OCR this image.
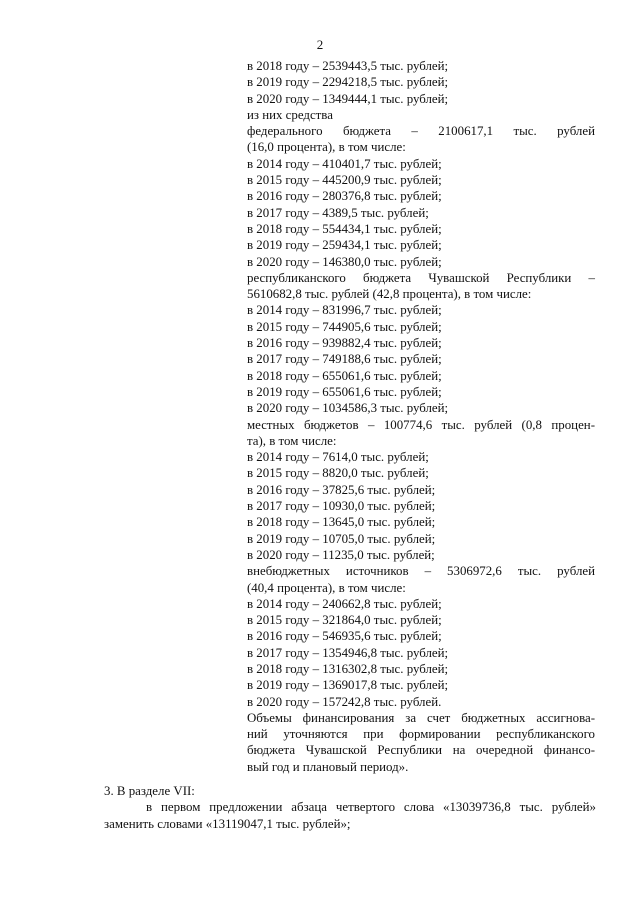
2
в 2018 году – 2539443,5 тыс. рублей;
в 2019 году – 2294218,5 тыс. рублей;
в 2020 году – 1349444,1 тыс. рублей;
из них средства
федерального бюджета – 2100617,1 тыс. рублей
(16,0 процента), в том числе:
в 2014 году – 410401,7 тыс. рублей;
в 2015 году – 445200,9 тыс. рублей;
в 2016 году – 280376,8 тыс. рублей;
в 2017 году – 4389,5 тыс. рублей;
в 2018 году – 554434,1 тыс. рублей;
в 2019 году – 259434,1 тыс. рублей;
в 2020 году – 146380,0 тыс. рублей;
республиканского бюджета Чувашской Республики –
5610682,8 тыс. рублей (42,8 процента), в том числе:
в 2014 году – 831996,7 тыс. рублей;
в 2015 году – 744905,6 тыс. рублей;
в 2016 году – 939882,4 тыс. рублей;
в 2017 году – 749188,6 тыс. рублей;
в 2018 году – 655061,6 тыс. рублей;
в 2019 году – 655061,6 тыс. рублей;
в 2020 году – 1034586,3 тыс. рублей;
местных бюджетов – 100774,6 тыс. рублей (0,8 процен-
та), в том числе:
в 2014 году – 7614,0 тыс. рублей;
в 2015 году – 8820,0 тыс. рублей;
в 2016 году – 37825,6 тыс. рублей;
в 2017 году – 10930,0 тыс. рублей;
в 2018 году – 13645,0 тыс. рублей;
в 2019 году – 10705,0 тыс. рублей;
в 2020 году – 11235,0 тыс. рублей;
внебюджетных источников – 5306972,6 тыс. рублей
(40,4 процента), в том числе:
в 2014 году – 240662,8 тыс. рублей;
в 2015 году – 321864,0 тыс. рублей;
в 2016 году – 546935,6 тыс. рублей;
в 2017 году – 1354946,8 тыс. рублей;
в 2018 году – 1316302,8 тыс. рублей;
в 2019 году – 1369017,8 тыс. рублей;
в 2020 году – 157242,8 тыс. рублей.
Объемы финансирования за счет бюджетных ассигнова-
ний уточняются при формировании республиканского
бюджета Чувашской Республики на очередной финансо-
вый год и плановый период».
3. В разделе VII:
в первом предложении абзаца четвертого слова «13039736,8 тыс. рублей»
заменить словами «13119047,1 тыс. рублей»;
